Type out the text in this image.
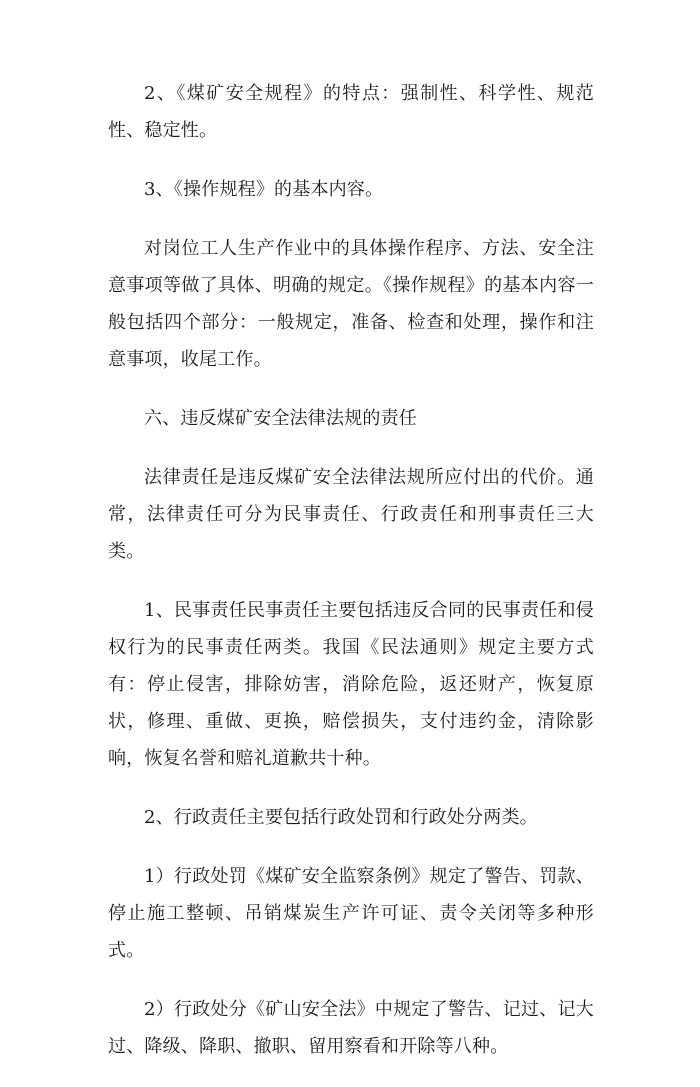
2、《煤矿安全规程》的特点：强制性、科学性、规范性、稳定性。

3、《操作规程》的基本内容。

对岗位工人生产作业中的具体操作程序、方法、安全注意事项等做了具体、明确的规定。《操作规程》的基本内容一般包括四个部分：一般规定，准备、检查和处理，操作和注意事项，收尾工作。

六、违反煤矿安全法律法规的责任

法律责任是违反煤矿安全法律法规所应付出的代价。通常，法律责任可分为民事责任、行政责任和刑事责任三大类。

1、民事责任民事责任主要包括违反合同的民事责任和侵权行为的民事责任两类。我国《民法通则》规定主要方式有：停止侵害，排除妨害，消除危险，返还财产，恢复原状，修理、重做、更换，赔偿损失，支付违约金，清除影响，恢复名誉和赔礼道歉共十种。

2、行政责任主要包括行政处罚和行政处分两类。

1）行政处罚《煤矿安全监察条例》规定了警告、罚款、停止施工整顿、吊销煤炭生产许可证、责令关闭等多种形式。

2）行政处分《矿山安全法》中规定了警告、记过、记大过、降级、降职、撤职、留用察看和开除等八种。
